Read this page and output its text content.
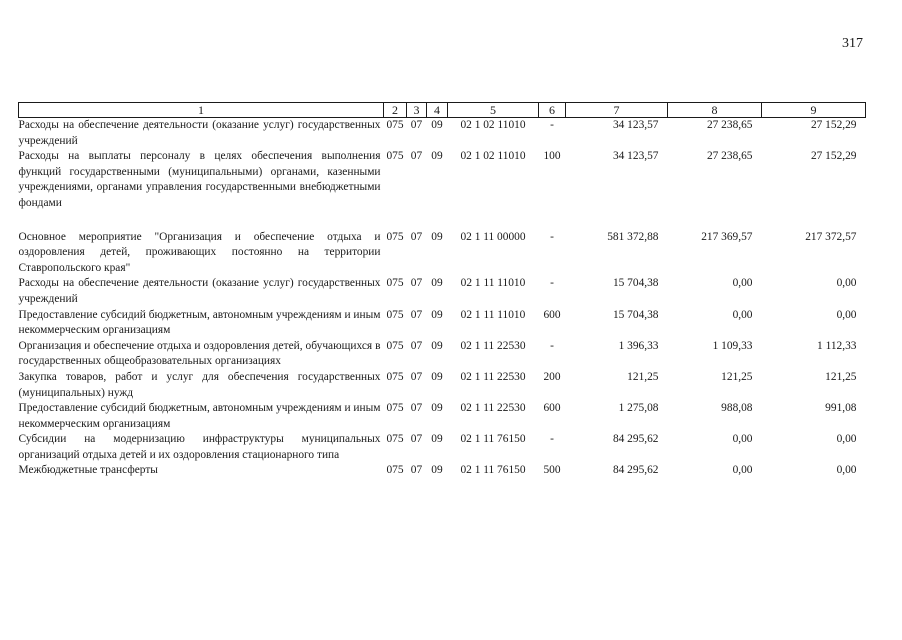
317
1	2	3	4	5	6	7	8	9
Расходы на обеспечение деятельности (оказание услуг) государственных учреждений	075	07	09	02 1 02 11010	-	34 123,57	27 238,65	27 152,29
Расходы на выплаты персоналу в целях обеспечения выполнения функций государственными (муниципальными) органами, казенными учреждениями, органами управления государственными внебюджетными фондами	075	07	09	02 1 02 11010	100	34 123,57	27 238,65	27 152,29

Основное мероприятие "Организация и обеспечение отдыха и оздоровления детей, проживающих постоянно на территории Ставропольского края"	075	07	09	02 1 11 00000	-	581 372,88	217 369,57	217 372,57
Расходы на обеспечение деятельности (оказание услуг) государственных учреждений	075	07	09	02 1 11 11010	-	15 704,38	0,00	0,00
Предоставление субсидий бюджетным, автономным учреждениям и иным некоммерческим организациям	075	07	09	02 1 11 11010	600	15 704,38	0,00	0,00
Организация и обеспечение отдыха и оздоровления детей, обучающихся в государственных общеобразовательных организациях	075	07	09	02 1 11 22530	-	1 396,33	1 109,33	1 112,33
Закупка товаров, работ и услуг для обеспечения государственных (муниципальных) нужд	075	07	09	02 1 11 22530	200	121,25	121,25	121,25
Предоставление субсидий бюджетным, автономным учреждениям и иным некоммерческим организациям	075	07	09	02 1 11 22530	600	1 275,08	988,08	991,08
Субсидии на модернизацию инфраструктуры муниципальных организаций отдыха детей и их оздоровления стационарного типа	075	07	09	02 1 11 76150	-	84 295,62	0,00	0,00
Межбюджетные трансферты	075	07	09	02 1 11 76150	500	84 295,62	0,00	0,00
